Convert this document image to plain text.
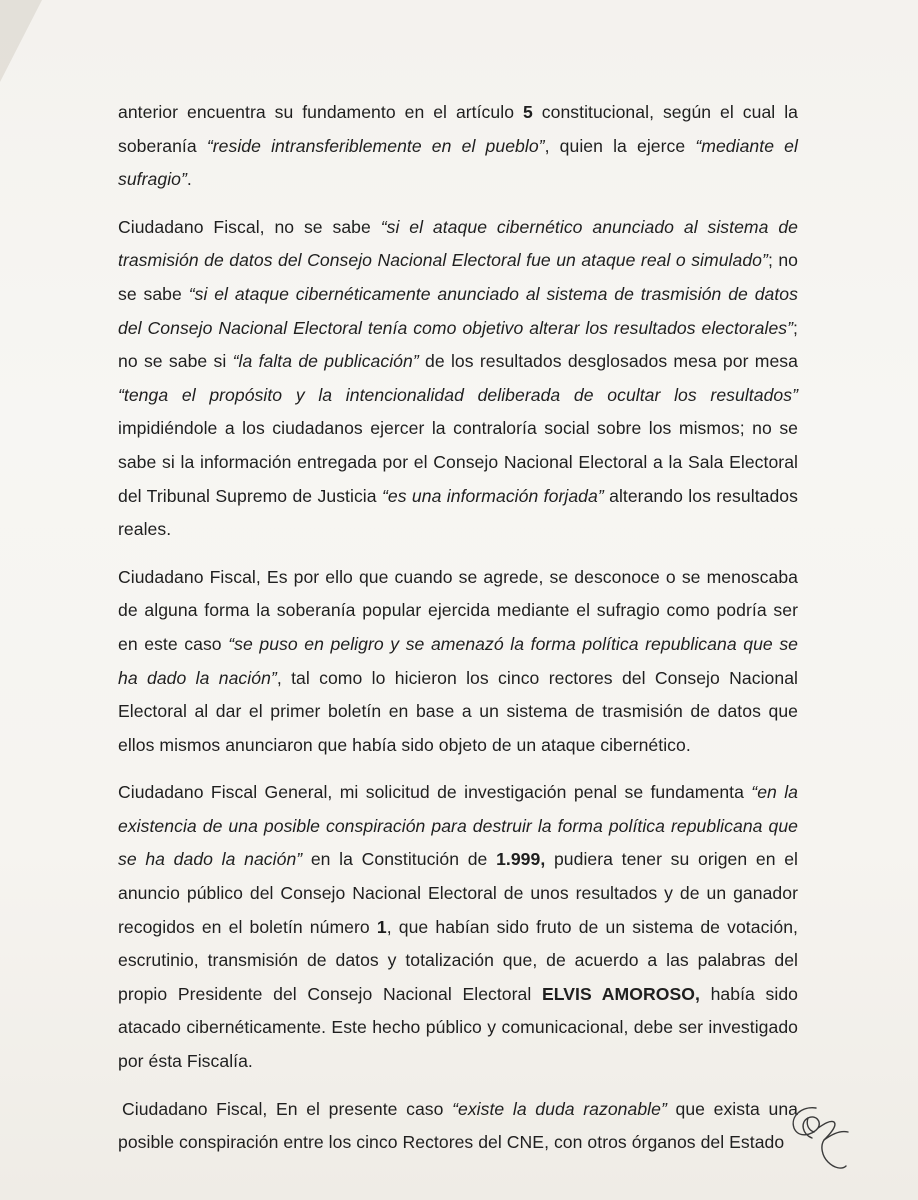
anterior encuentra su fundamento en el artículo 5 constitucional, según el cual la soberanía “reside intransferiblemente en el pueblo”, quien la ejerce “mediante el sufragio”.

Ciudadano Fiscal, no se sabe “si el ataque cibernético anunciado al sistema de trasmisión de datos del Consejo Nacional Electoral fue un ataque real o simulado”; no se sabe “si el ataque cibernéticamente anunciado al sistema de trasmisión de datos del Consejo Nacional Electoral tenía como objetivo alterar los resultados electorales”; no se sabe si “la falta de publicación” de los resultados desglosados mesa por mesa “tenga el propósito y la intencionalidad deliberada de ocultar los resultados” impidiéndole a los ciudadanos ejercer la contraloría social sobre los mismos; no se sabe si la información entregada por el Consejo Nacional Electoral a la Sala Electoral del Tribunal Supremo de Justicia “es una información forjada” alterando los resultados reales.

Ciudadano Fiscal, Es por ello que cuando se agrede, se desconoce o se menoscaba de alguna forma la soberanía popular ejercida mediante el sufragio como podría ser en este caso “se puso en peligro y se amenazó la forma política republicana que se ha dado la nación”, tal como lo hicieron los cinco rectores del Consejo Nacional Electoral al dar el primer boletín en base a un sistema de trasmisión de datos que ellos mismos anunciaron que había sido objeto de un ataque cibernético.

Ciudadano Fiscal General, mi solicitud de investigación penal se fundamenta “en la existencia de una posible conspiración para destruir la forma política republicana que se ha dado la nación” en la Constitución de 1.999, pudiera tener su origen en el anuncio público del Consejo Nacional Electoral de unos resultados y de un ganador recogidos en el boletín número 1, que habían sido fruto de un sistema de votación, escrutinio, transmisión de datos y totalización que, de acuerdo a las palabras del propio Presidente del Consejo Nacional Electoral ELVIS AMOROSO, había sido atacado cibernéticamente. Este hecho público y comunicacional, debe ser investigado por ésta Fiscalía.

Ciudadano Fiscal, En el presente caso “existe la duda razonable” que exista una posible conspiración entre los cinco Rectores del CNE, con otros órganos del Estado
